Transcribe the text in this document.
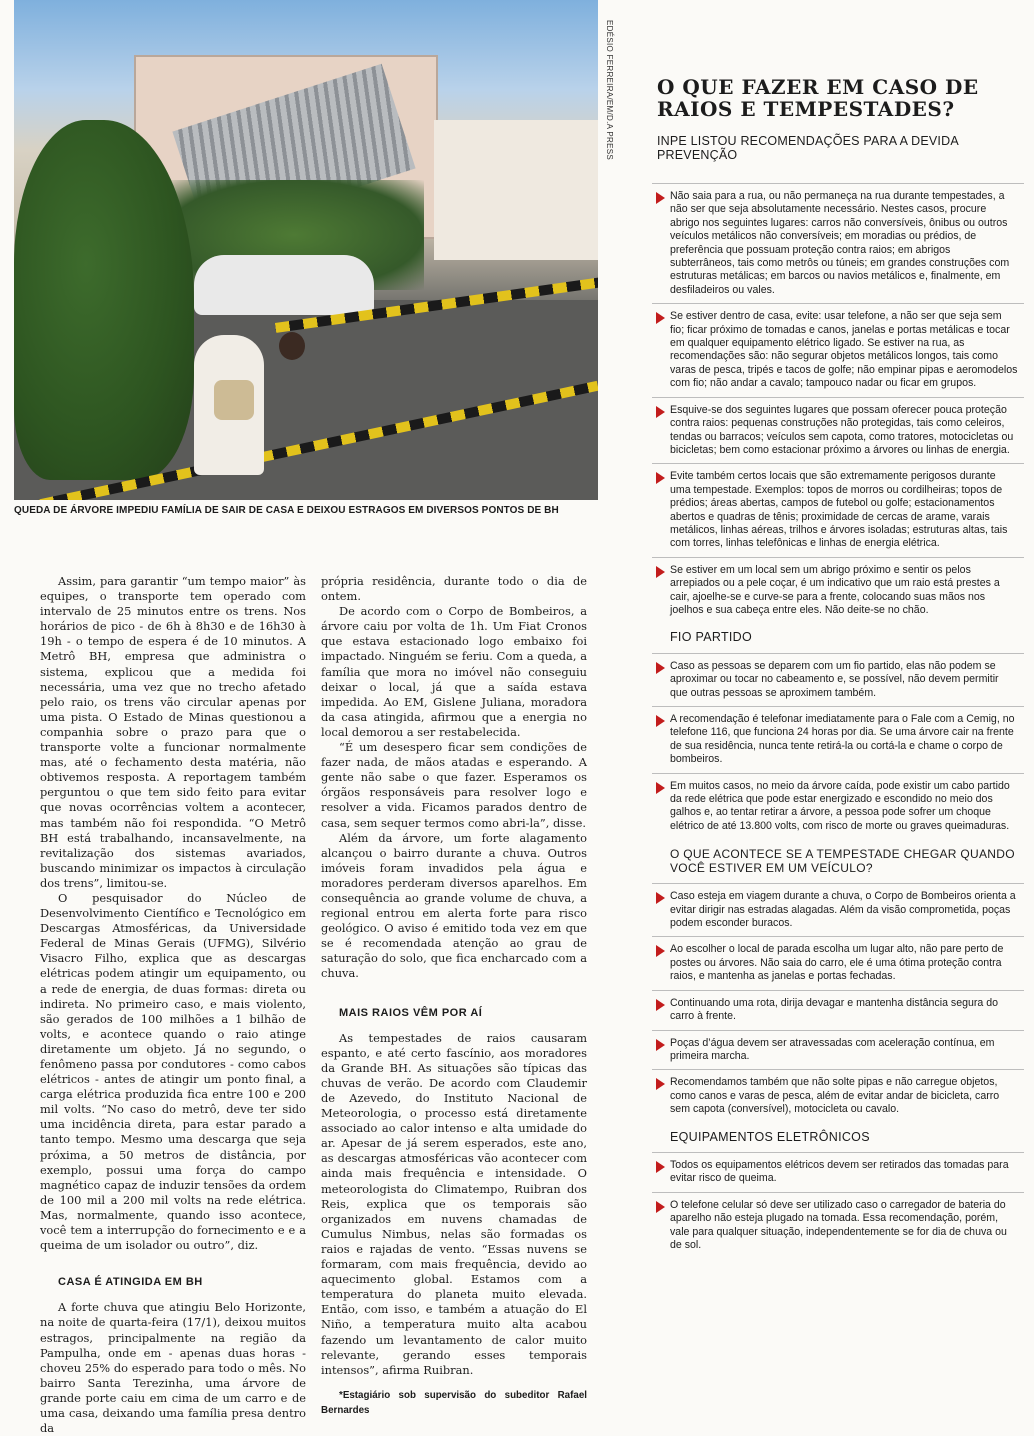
EDÉSIO FERREIRA/EM/D.A PRESS
QUEDA DE ÁRVORE IMPEDIU FAMÍLIA DE SAIR DE CASA E DEIXOU ESTRAGOS EM DIVERSOS PONTOS DE BH

Assim, para garantir “um tempo maior” às equipes, o transporte tem operado com intervalo de 25 minutos entre os trens. Nos horários de pico - de 6h à 8h30 e de 16h30 à 19h - o tempo de espera é de 10 minutos. A Metrô BH, empresa que administra o sistema, explicou que a medida foi necessária, uma vez que no trecho afetado pelo raio, os trens vão circular apenas por uma pista. O Estado de Minas questionou a companhia sobre o prazo para que o transporte volte a funcionar normalmente mas, até o fechamento desta matéria, não obtivemos resposta. A reportagem também perguntou o que tem sido feito para evitar que novas ocorrências voltem a acontecer, mas também não foi respondida. “O Metrô BH está trabalhando, incansavelmente, na revitalização dos sistemas avariados, buscando minimizar os impactos à circulação dos trens”, limitou-se.

O pesquisador do Núcleo de Desenvolvimento Científico e Tecnológico em Descargas Atmosféricas, da Universidade Federal de Minas Gerais (UFMG), Silvério Visacro Filho, explica que as descargas elétricas podem atingir um equipamento, ou a rede de energia, de duas formas: direta ou indireta. No primeiro caso, e mais violento, são gerados de 100 milhões a 1 bilhão de volts, e acontece quando o raio atinge diretamente um objeto. Já no segundo, o fenômeno passa por condutores - como cabos elétricos - antes de atingir um ponto final, a carga elétrica produzida fica entre 100 e 200 mil volts. “No caso do metrô, deve ter sido uma incidência direta, para estar parado a tanto tempo. Mesmo uma descarga que seja próxima, a 50 metros de distância, por exemplo, possui uma força do campo magnético capaz de induzir tensões da ordem de 100 mil a 200 mil volts na rede elétrica. Mas, normalmente, quando isso acontece, você tem a interrupção do fornecimento e e a queima de um isolador ou outro”, diz.

CASA É ATINGIDA EM BH

A forte chuva que atingiu Belo Horizonte, na noite de quarta-feira (17/1), deixou muitos estragos, principalmente na região da Pampulha, onde em - apenas duas horas - choveu 25% do esperado para todo o mês. No bairro Santa Terezinha, uma árvore de grande porte caiu em cima de um carro e de uma casa, deixando uma família presa dentro da

própria residência, durante todo o dia de ontem.

De acordo com o Corpo de Bombeiros, a árvore caiu por volta de 1h. Um Fiat Cronos que estava estacionado logo embaixo foi impactado. Ninguém se feriu. Com a queda, a família que mora no imóvel não conseguiu deixar o local, já que a saída estava impedida. Ao EM, Gislene Juliana, moradora da casa atingida, afirmou que a energia no local demorou a ser restabelecida.

“É um desespero ficar sem condições de fazer nada, de mãos atadas e esperando. A gente não sabe o que fazer. Esperamos os órgãos responsáveis para resolver logo e resolver a vida. Ficamos parados dentro de casa, sem sequer termos como abri-la”, disse.

Além da árvore, um forte alagamento alcançou o bairro durante a chuva. Outros imóveis foram invadidos pela água e moradores perderam diversos aparelhos. Em consequência ao grande volume de chuva, a regional entrou em alerta forte para risco geológico. O aviso é emitido toda vez em que se é recomendada atenção ao grau de saturação do solo, que fica encharcado com a chuva.

MAIS RAIOS VÊM POR AÍ

As tempestades de raios causaram espanto, e até certo fascínio, aos moradores da Grande BH. As situações são típicas das chuvas de verão. De acordo com Claudemir de Azevedo, do Instituto Nacional de Meteorologia, o processo está diretamente associado ao calor intenso e alta umidade do ar. Apesar de já serem esperados, este ano, as descargas atmosféricas vão acontecer com ainda mais frequência e intensidade. O meteorologista do Climatempo, Ruibran dos Reis, explica que os temporais são organizados em nuvens chamadas de Cumulus Nimbus, nelas são formadas os raios e rajadas de vento. “Essas nuvens se formaram, com mais frequência, devido ao aquecimento global. Estamos com a temperatura do planeta muito elevada. Então, com isso, e também a atuação do El Niño, a temperatura muito alta acabou fazendo um levantamento de calor muito relevante, gerando esses temporais intensos”, afirma Ruibran.

*Estagiário sob supervisão do subeditor Rafael Bernardes

O QUE FAZER EM CASO DE RAIOS E TEMPESTADES?
INPE LISTOU RECOMENDAÇÕES PARA A DEVIDA PREVENÇÃO
Não saia para a rua, ou não permaneça na rua durante tempestades, a não ser que seja absolutamente necessário. Nestes casos, procure abrigo nos seguintes lugares: carros não conversíveis, ônibus ou outros veículos metálicos não conversíveis; em moradias ou prédios, de preferência que possuam proteção contra raios; em abrigos subterrâneos, tais como metrôs ou túneis; em grandes construções com estruturas metálicas; em barcos ou navios metálicos e, finalmente, em desfiladeiros ou vales.
Se estiver dentro de casa, evite: usar telefone, a não ser que seja sem fio; ficar próximo de tomadas e canos, janelas e portas metálicas e tocar em qualquer equipamento elétrico ligado. Se estiver na rua, as recomendações são: não segurar objetos metálicos longos, tais como varas de pesca, tripés e tacos de golfe; não empinar pipas e aeromodelos com fio; não andar a cavalo; tampouco nadar ou ficar em grupos.
Esquive-se dos seguintes lugares que possam oferecer pouca proteção contra raios: pequenas construções não protegidas, tais como celeiros, tendas ou barracos; veículos sem capota, como tratores, motocicletas ou bicicletas; bem como estacionar próximo a árvores ou linhas de energia.
Evite também certos locais que são extremamente perigosos durante uma tempestade. Exemplos: topos de morros ou cordilheiras; topos de prédios; áreas abertas, campos de futebol ou golfe; estacionamentos abertos e quadras de tênis; proximidade de cercas de arame, varais metálicos, linhas aéreas, trilhos e árvores isoladas; estruturas altas, tais com torres, linhas telefônicas e linhas de energia elétrica.
Se estiver em um local sem um abrigo próximo e sentir os pelos arrepiados ou a pele coçar, é um indicativo que um raio está prestes a cair, ajoelhe-se e curve-se para a frente, colocando suas mãos nos joelhos e sua cabeça entre eles. Não deite-se no chão.
FIO PARTIDO
Caso as pessoas se deparem com um fio partido, elas não podem se aproximar ou tocar no cabeamento e, se possível, não devem permitir que outras pessoas se aproximem também.
A recomendação é telefonar imediatamente para o Fale com a Cemig, no telefone 116, que funciona 24 horas por dia. Se uma árvore cair na frente de sua residência, nunca tente retirá-la ou cortá-la e chame o corpo de bombeiros.
Em muitos casos, no meio da árvore caída, pode existir um cabo partido da rede elétrica que pode estar energizado e escondido no meio dos galhos e, ao tentar retirar a árvore, a pessoa pode sofrer um choque elétrico de até 13.800 volts, com risco de morte ou graves queimaduras.
O QUE ACONTECE SE A TEMPESTADE CHEGAR QUANDO VOCÊ ESTIVER EM UM VEÍCULO?
Caso esteja em viagem durante a chuva, o Corpo de Bombeiros orienta a evitar dirigir nas estradas alagadas. Além da visão comprometida, poças podem esconder buracos.
Ao escolher o local de parada escolha um lugar alto, não pare perto de postes ou árvores. Não saia do carro, ele é uma ótima proteção contra raios, e mantenha as janelas e portas fechadas.
Continuando uma rota, dirija devagar e mantenha distância segura do carro à frente.
Poças d’água devem ser atravessadas com aceleração contínua, em primeira marcha.
Recomendamos também que não solte pipas e não carregue objetos, como canos e varas de pesca, além de evitar andar de bicicleta, carro sem capota (conversível), motocicleta ou cavalo.
EQUIPAMENTOS ELETRÔNICOS
Todos os equipamentos elétricos devem ser retirados das tomadas para evitar risco de queima.
O telefone celular só deve ser utilizado caso o carregador de bateria do aparelho não esteja plugado na tomada. Essa recomendação, porém, vale para qualquer situação, independentemente se for dia de chuva ou de sol.
